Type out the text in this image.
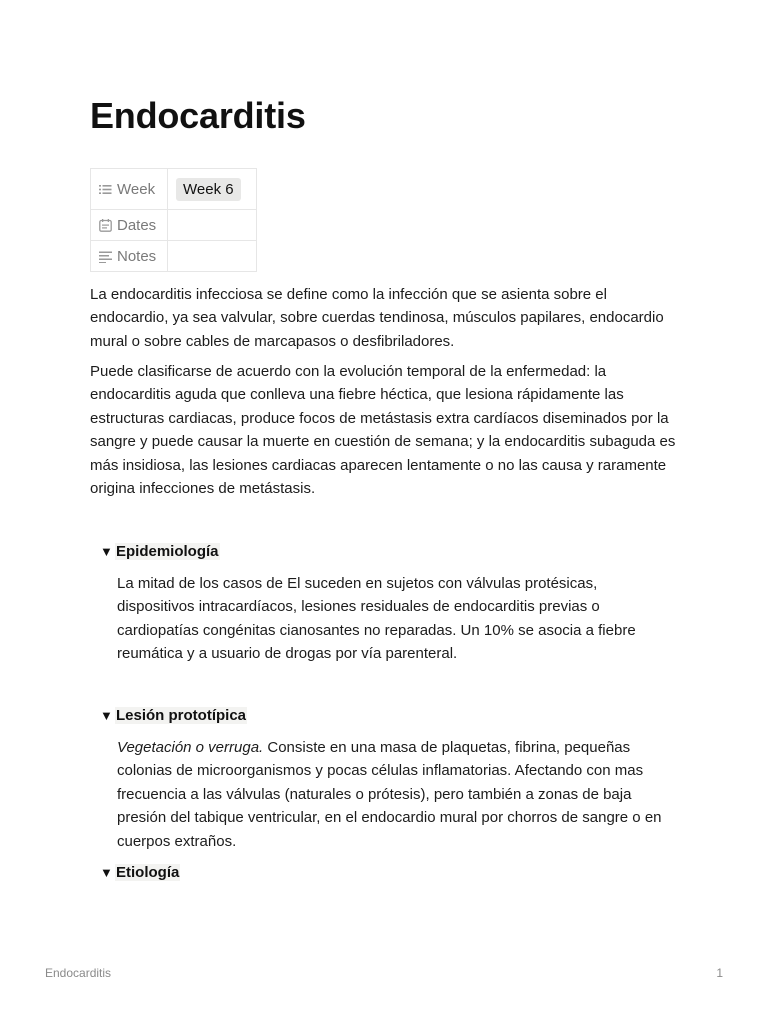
Endocarditis
Week	Week 6
Dates	
Notes	

La endocarditis infecciosa se define como la infección que se asienta sobre el endocardio, ya sea valvular, sobre cuerdas tendinosa, músculos papilares, endocardio mural o sobre cables de marcapasos o desfibriladores.

Puede clasificarse de acuerdo con la evolución temporal de la enfermedad: la endocarditis aguda que conlleva una fiebre héctica, que lesiona rápidamente las estructuras cardiacas, produce focos de metástasis extra cardíacos diseminados por la sangre y puede causar la muerte en cuestión de semana; y la endocarditis subaguda es más insidiosa, las lesiones cardiacas aparecen lentamente o no las causa y raramente origina infecciones de metástasis.

▼ Epidemiología

La mitad de los casos de El suceden en sujetos con válvulas protésicas, dispositivos intracardíacos, lesiones residuales de endocarditis previas o cardiopatías congénitas cianosantes no reparadas. Un 10% se asocia a fiebre reumática y a usuario de drogas por vía parenteral.

▼ Lesión prototípica

Vegetación o verruga. Consiste en una masa de plaquetas, fibrina, pequeñas colonias de microorganismos y pocas células inflamatorias. Afectando con mas frecuencia a las válvulas (naturales o prótesis), pero también a zonas de baja presión del tabique ventricular, en el endocardio mural por chorros de sangre o en cuerpos extraños.

▼ Etiología
Endocarditis	1
